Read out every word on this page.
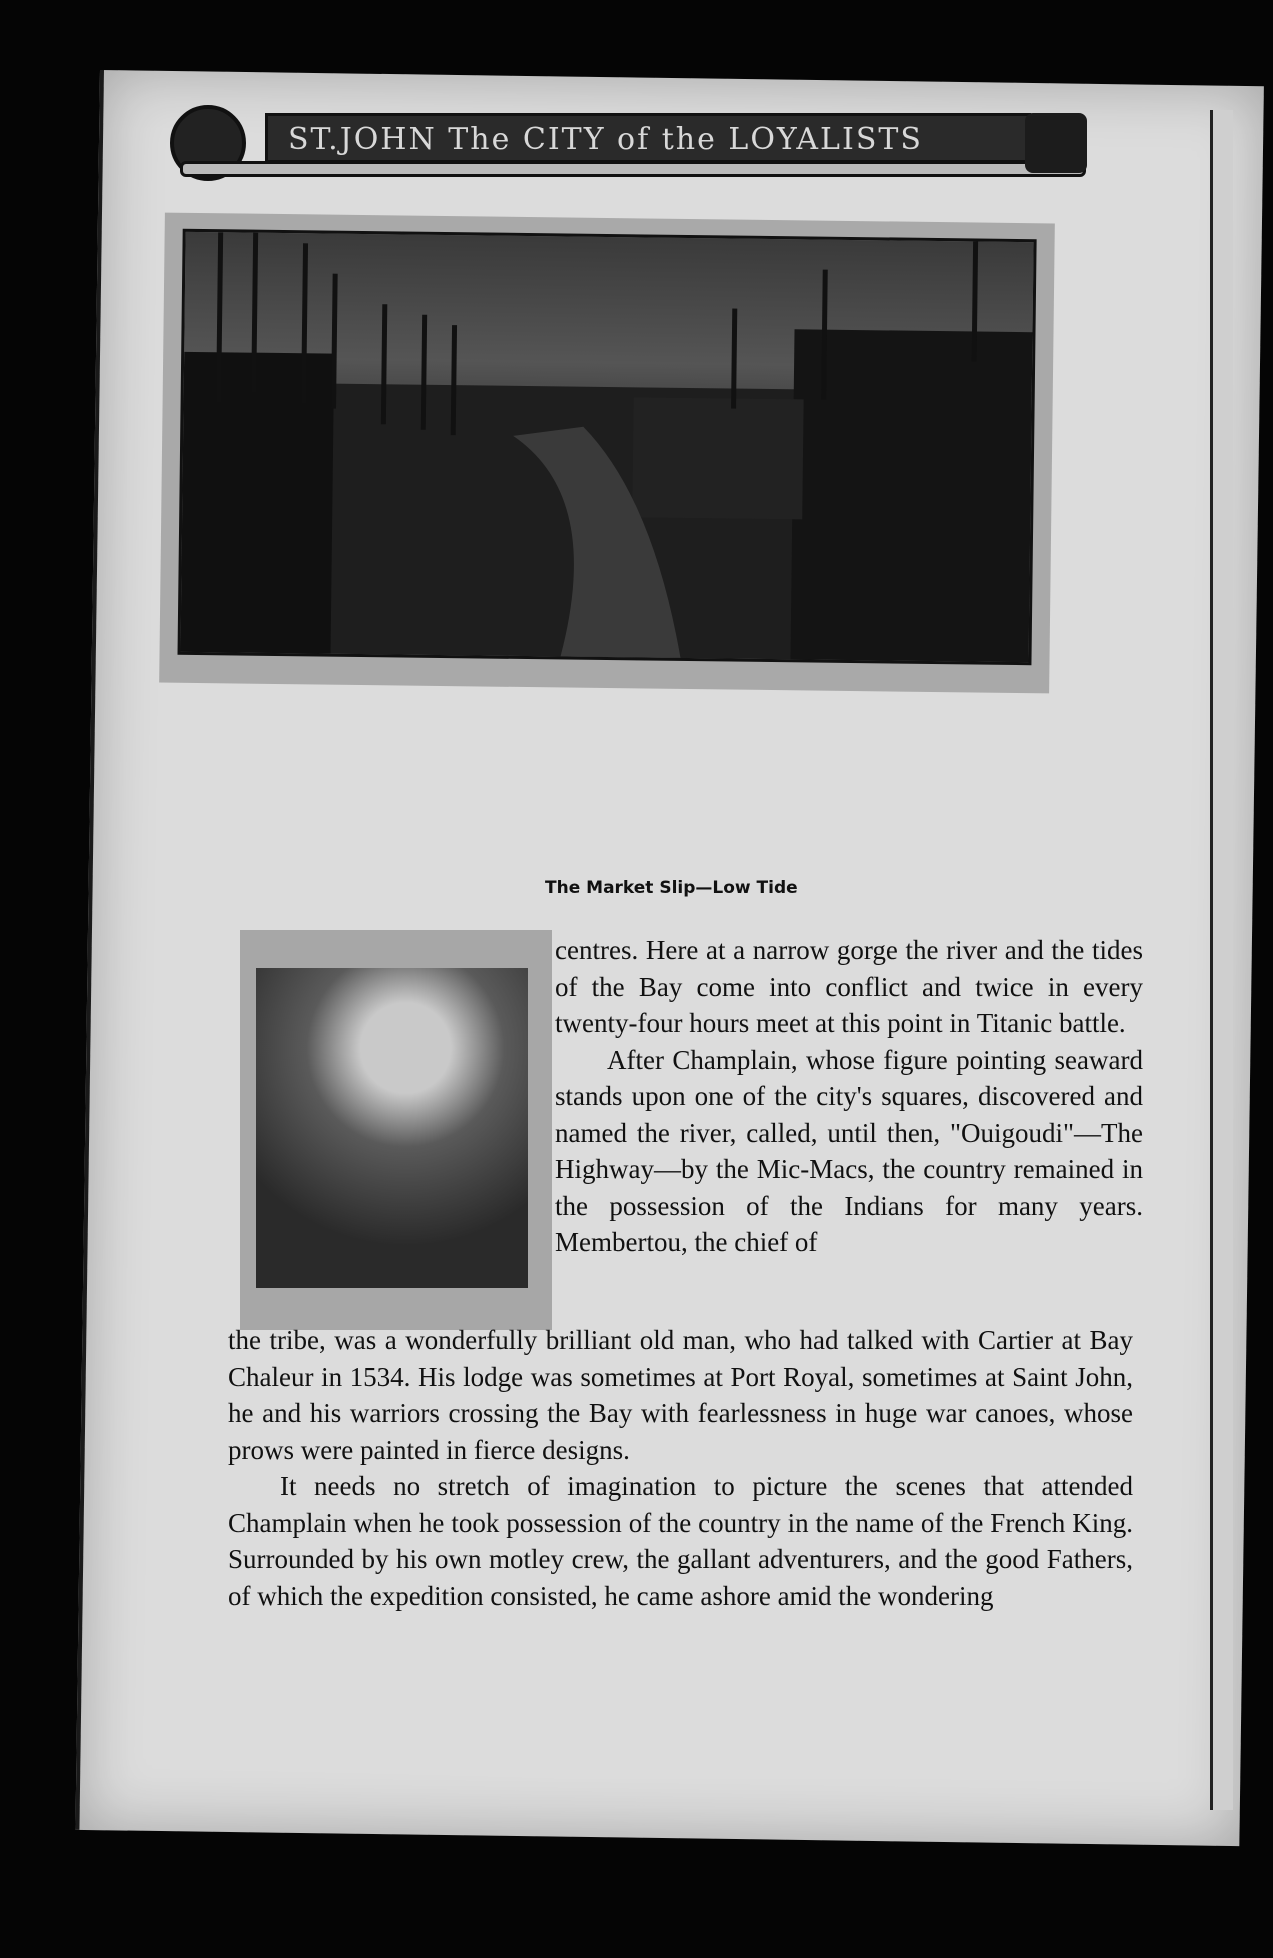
ST.JOHN The CITY of the LOYALISTS
The Market Slip—Low Tide

centres. Here at a narrow gorge the river and the tides of the Bay come into conflict and twice in every twenty-four hours meet at this point in Titanic battle.

After Champlain, whose figure pointing seaward stands upon one of the city's squares, discovered and named the river, called, until then, "Ouigoudi"—The Highway—by the Mic-Macs, the country remained in the possession of the Indians for many years. Membertou, the chief of

the tribe, was a wonderfully brilliant old man, who had talked with Cartier at Bay Chaleur in 1534. His lodge was sometimes at Port Royal, sometimes at Saint John, he and his warriors crossing the Bay with fearlessness in huge war canoes, whose prows were painted in fierce designs.

It needs no stretch of imagination to picture the scenes that attended Champlain when he took possession of the country in the name of the French King. Surrounded by his own motley crew, the gallant adventurers, and the good Fathers, of which the expedition consisted, he came ashore amid the wondering
